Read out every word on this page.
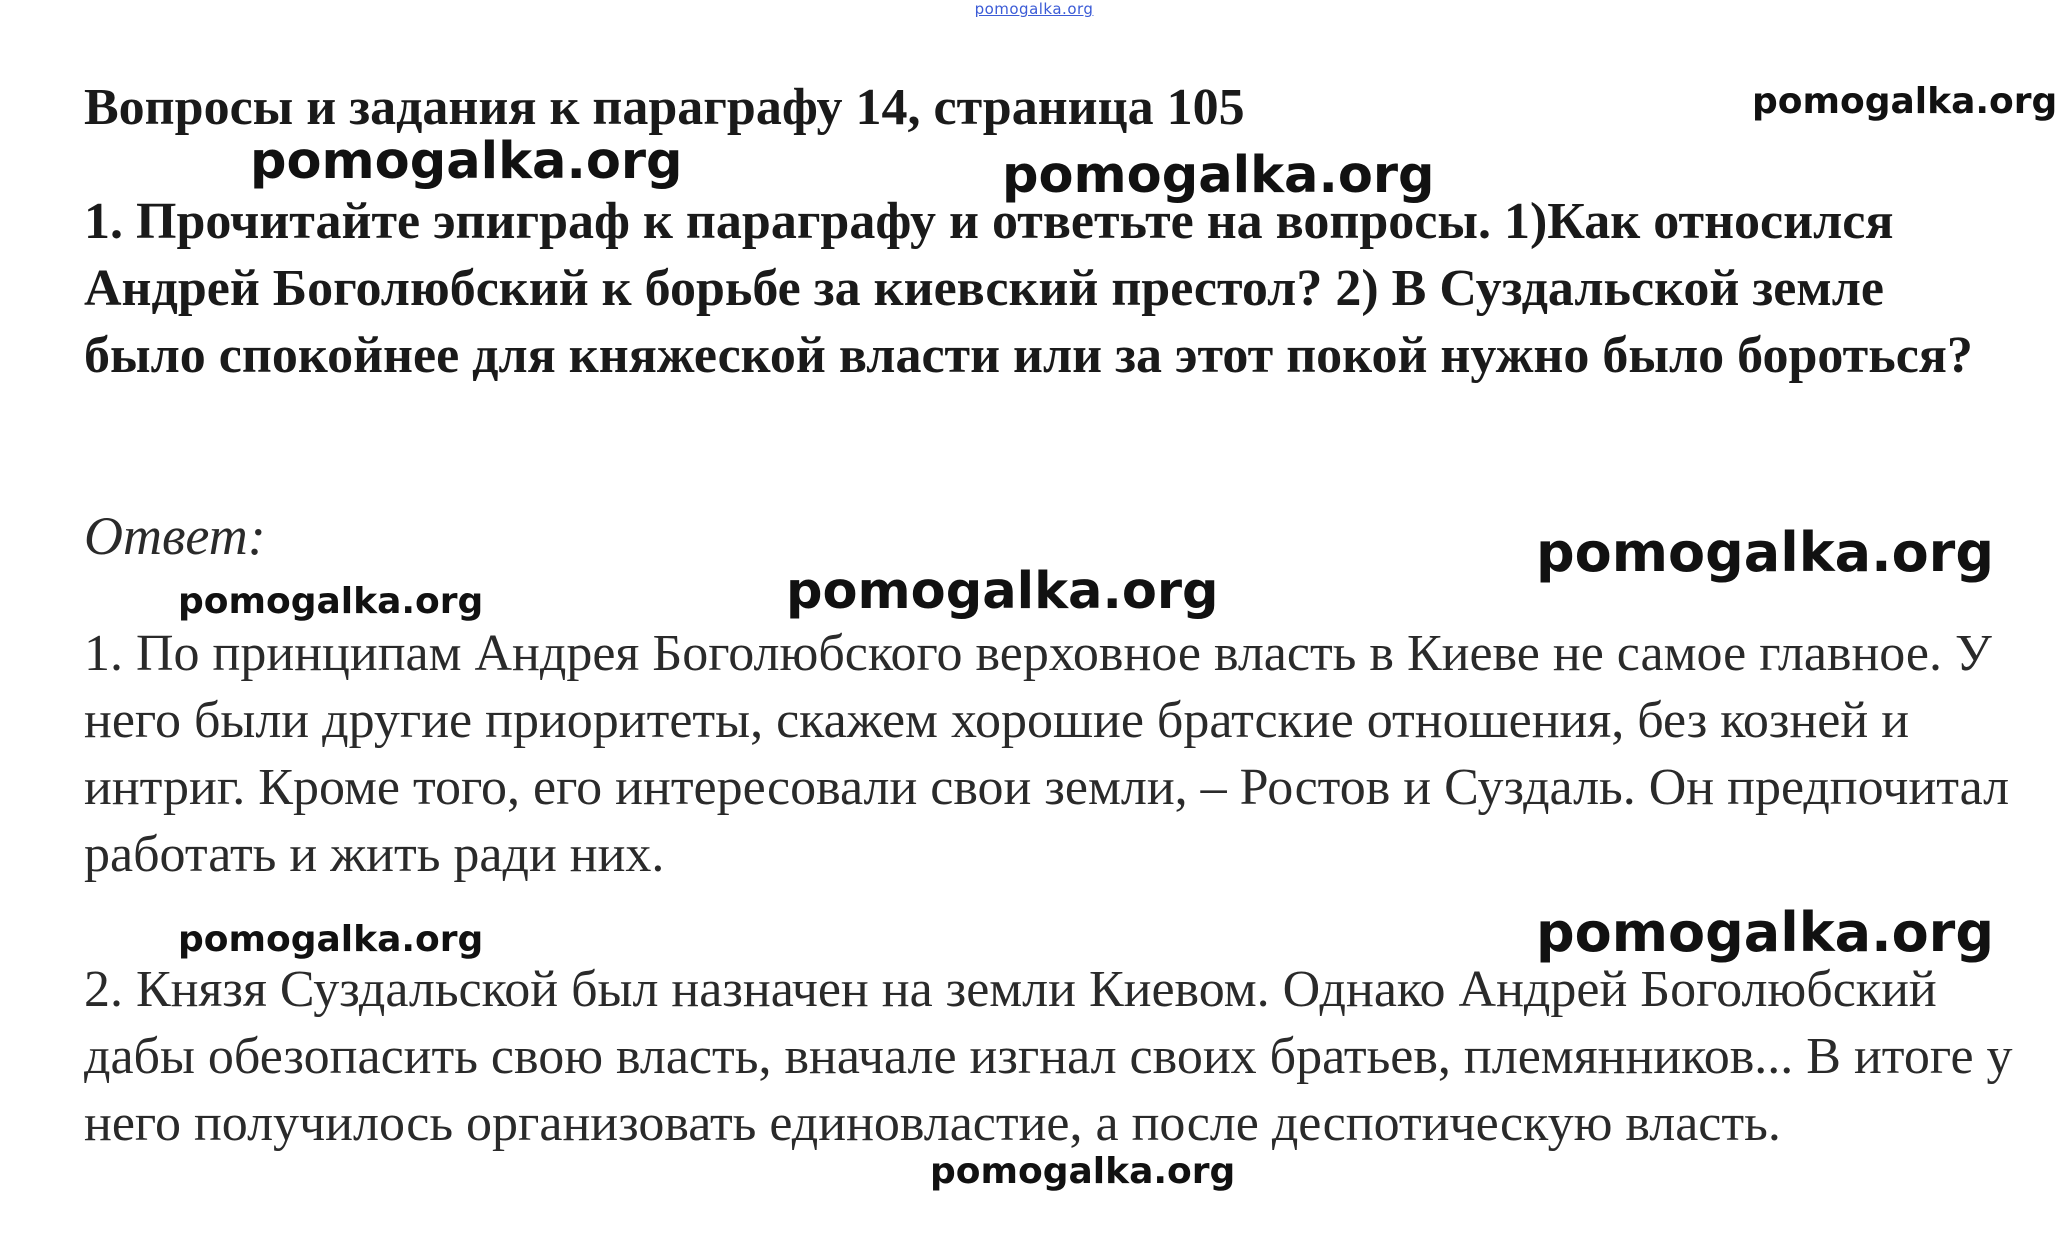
pomogalka.org
Вопросы и задания к параграфу 14, страница 105	pomogalka.org
pomogalka.org	pomogalka.org

1. Прочитайте эпиграф к параграфу и ответьте на вопросы. 1)Как относился Андрей Боголюбский к борьбе за киевский престол? 2) В Суздальской земле было спокойнее для княжеской власти или за этот покой нужно было бороться?

Ответ:	pomogalka.org
pomogalka.org	pomogalka.org

1. По принципам Андрея Боголюбского верховное власть в Киеве не самое главное. У него были другие приоритеты, скажем хорошие братские отношения, без козней и интриг. Кроме того, его интересовали свои земли, – Ростов и Суздаль. Он предпочитал работать и жить ради них.

pomogalka.org
pomogalka.org

2. Князя Суздальской был назначен на земли Киевом. Однако Андрей Боголюбский дабы обезопасить свою власть, вначале изгнал своих братьев, племянников... В итоге у него получилось организовать единовластие, а после деспотическую власть.

pomogalka.org
